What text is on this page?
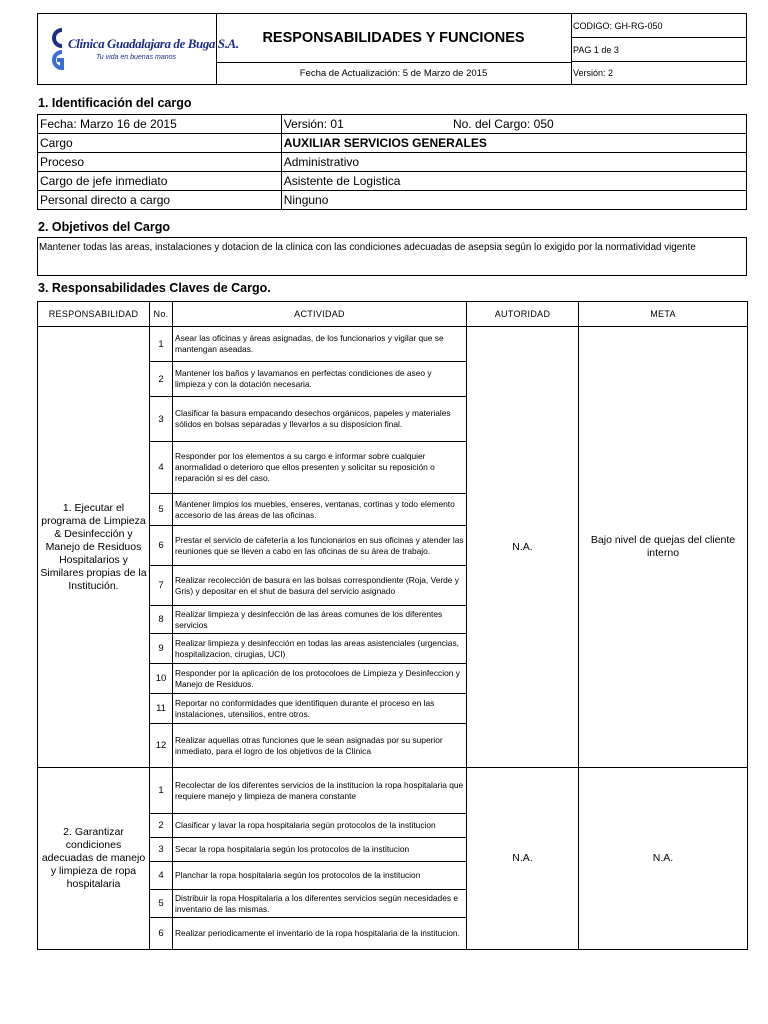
Clinica Guadalajara de Buga S.A.
Tu vida en buenas manos
RESPONSABILIDADES Y FUNCIONES
Fecha de Actualización: 5 de Marzo de 2015
CODIGO: GH-RG-050
PAG 1 de 3
Versión: 2
1. Identificación del cargo
Fecha: Marzo 16 de 2015	Versión: 01	No. del Cargo: 050
Cargo	AUXILIAR SERVICIOS GENERALES	
Proceso	Administrativo	
Cargo de jefe inmediato	Asistente de Logistica	
Personal directo a cargo	Ninguno	
2. Objetivos del Cargo
Mantener todas las areas, instalaciones y dotacion de la clinica con las condiciones adecuadas de asepsia según lo exigido por la normatividad vigente
3. Responsabilidades Claves de Cargo.
RESPONSABILIDAD	No.	ACTIVIDAD	AUTORIDAD	META
1. Ejecutar el programa de Limpieza & Desinfección y Manejo de Residuos Hospitalarios y Similares propias de la Institución.	1	Asear las oficinas y áreas asignadas, de los funcionarios y vigilar que se mantengan aseadas.	N.A.	Bajo nivel de quejas del cliente interno
	2	Mantener los baños y lavamanos en perfectas condiciones de aseo y limpieza y con la dotación necesaria.		
	3	Clasificar la basura empacando desechos orgánicos, papeles y materiales sólidos en bolsas separadas y llevarlos a su disposicion final.		
	4	Responder por los elementos a su cargo e informar sobre cualquier anormalidad o deterioro que ellos presenten y solicitar su reposición o reparación si es del caso.		
	5	Mantener limpios los muebles, enseres, ventanas, cortinas y todo elemento accesorio de las áreas de las oficinas.		
	6	Prestar el servicio de cafetería a los funcionarios en sus oficinas y atender las reuniones que se lleven a cabo en las oficinas de su área de trabajo.		
	7	Realizar recolección de basura en las bolsas correspondiente (Roja, Verde y Gris) y depositar en el shut de basura del servicio asignado		
	8	Realizar limpieza y desinfección de las áreas comunes de los diferentes servicios		
	9	Realizar limpieza y desinfección en todas las areas asistenciales (urgencias, hospitalizacion, cirugias, UCI)		
	10	Responder por la aplicación de los protocoloes de Limpieza y Desinfeccion y Manejo de Residuos.		
	11	Reportar no conformidades que identifiquen durante el proceso en las instalaciones, utensilios, entre otros.		
	12	Realizar aquellas otras funciones que le sean asignadas por su superior inmediato, para el logro de los objetivos de la Clínica		
2. Garantizar condiciones adecuadas de manejo y limpieza de ropa hospitalaria	1	Recolectar de los diferentes servicios de la institucion la ropa hospitalaria que requiere manejo y limpieza de manera constante	N.A.	N.A.
	2	Clasificar y lavar la ropa hospitalaria según protocolos de la institucion		
	3	Secar la ropa hospitalaria según los protocolos de la institucion		
	4	Planchar la ropa hospitalaria según los protocolos de la institucion		
	5	Distribuir la ropa Hospitalaria a los diferentes servicios según necesidades e inventario de las mismas.		
	6	Realizar periodicamente el inventario de la ropa hospitalaria de la institucion.		
